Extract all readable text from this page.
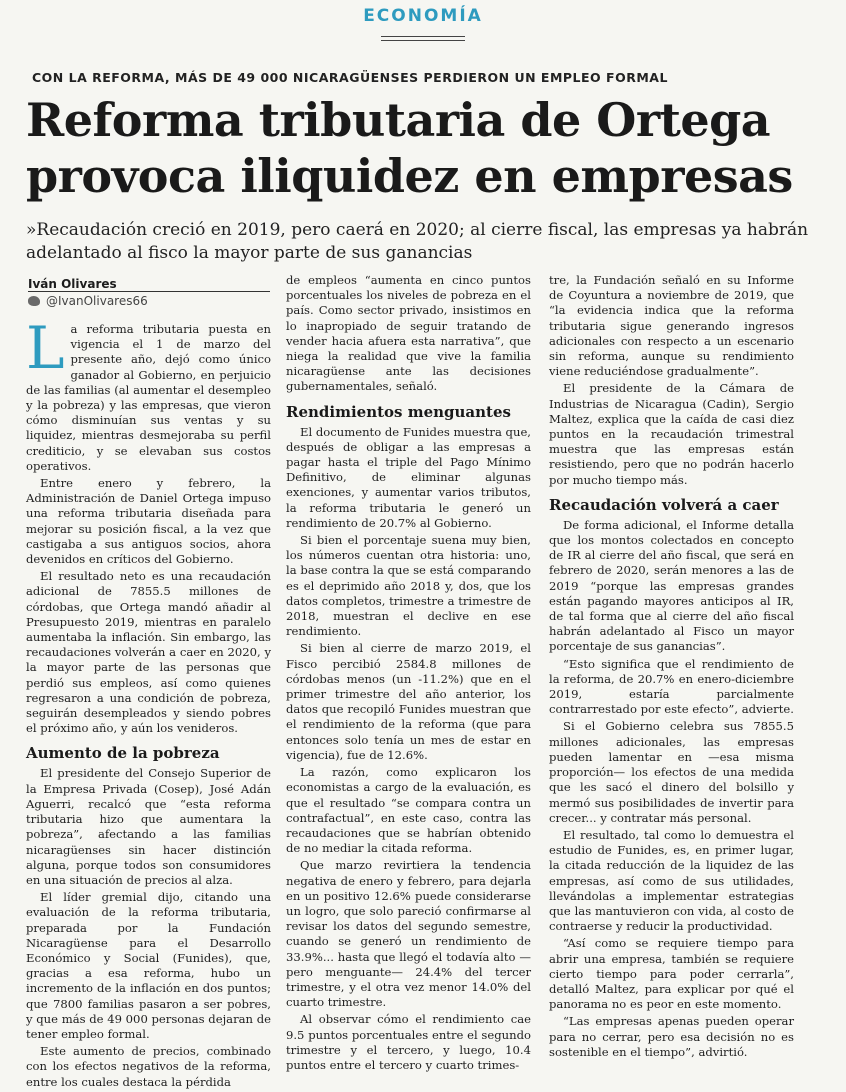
ECONOMÍA
CON LA REFORMA, MÁS DE 49 000 NICARAGÜENSES PERDIERON UN EMPLEO FORMAL
Reforma tributaria de Ortega provoca iliquidez en empresas

»Recaudación creció en 2019, pero caerá en 2020; al cierre fiscal, las empresas ya habrán adelantado al fisco la mayor parte de sus ganancias

Iván Olivares
@IvanOlivares66

La reforma tributaria puesta en vigencia el 1 de marzo del presente año, dejó como único ganador al Gobierno, en perjuicio de las familias (al aumentar el desempleo y la pobreza) y las empresas, que vieron cómo disminuían sus ventas y su liquidez, mientras desmejoraba su perfil crediticio, y se elevaban sus costos operativos.

Entre enero y febrero, la Administración de Daniel Ortega impuso una reforma tributaria diseñada para mejorar su posición fiscal, a la vez que castigaba a sus antiguos socios, ahora devenidos en críticos del Gobierno.

El resultado neto es una recaudación adicional de 7855.5 millones de córdobas, que Ortega mandó añadir al Presupuesto 2019, mientras en paralelo aumentaba la inflación. Sin embargo, las recaudaciones volverán a caer en 2020, y la mayor parte de las personas que perdió sus empleos, así como quienes regresaron a una condición de pobreza, seguirán desempleados y siendo pobres el próximo año, y aún los venideros.

Aumento de la pobreza

El presidente del Consejo Superior de la Empresa Privada (Cosep), José Adán Aguerri, recalcó que “esta reforma tributaria hizo que aumentara la pobreza”, afectando a las familias nicaragüenses sin hacer distinción alguna, porque todos son consumidores en una situación de precios al alza.

El líder gremial dijo, citando una evaluación de la reforma tributaria, preparada por la Fundación Nicaragüense para el Desarrollo Económico y Social (Funides), que, gracias a esa reforma, hubo un incremento de la inflación en dos puntos; que 7800 familias pasaron a ser pobres, y que más de 49 000 personas dejaran de tener empleo formal.

Este aumento de precios, combinado con los efectos negativos de la reforma, entre los cuales destaca la pérdida

de empleos “aumenta en cinco puntos porcentuales los niveles de pobreza en el país. Como sector privado, insistimos en lo inapropiado de seguir tratando de vender hacia afuera esta narrativa”, que niega la realidad que vive la familia nicaragüense ante las decisiones gubernamentales, señaló.

Rendimientos menguantes

El documento de Funides muestra que, después de obligar a las empresas a pagar hasta el triple del Pago Mínimo Definitivo, de eliminar algunas exenciones, y aumentar varios tributos, la reforma tributaria le generó un rendimiento de 20.7% al Gobierno.

Si bien el porcentaje suena muy bien, los números cuentan otra historia: uno, la base contra la que se está comparando es el deprimido año 2018 y, dos, que los datos completos, trimestre a trimestre de 2018, muestran el declive en ese rendimiento.

Si bien al cierre de marzo 2019, el Fisco percibió 2584.8 millones de córdobas menos (un -11.2%) que en el primer trimestre del año anterior, los datos que recopiló Funides muestran que el rendimiento de la reforma (que para entonces solo tenía un mes de estar en vigencia), fue de 12.6%.

La razón, como explicaron los economistas a cargo de la evaluación, es que el resultado “se compara contra un contrafactual”, en este caso, contra las recaudaciones que se habrían obtenido de no mediar la citada reforma.

Que marzo revirtiera la tendencia negativa de enero y febrero, para dejarla en un positivo 12.6% puede considerarse un logro, que solo pareció confirmarse al revisar los datos del segundo semestre, cuando se generó un rendimiento de 33.9%... hasta que llegó el todavía alto —pero menguante— 24.4% del tercer trimestre, y el otra vez menor 14.0% del cuarto trimestre.

Al observar cómo el rendimiento cae 9.5 puntos porcentuales entre el segundo trimestre y el tercero, y luego, 10.4 puntos entre el tercero y cuarto trimes-

tre, la Fundación señaló en su Informe de Coyuntura a noviembre de 2019, que “la evidencia indica que la reforma tributaria sigue generando ingresos adicionales con respecto a un escenario sin reforma, aunque su rendimiento viene reduciéndose gradualmente”.

El presidente de la Cámara de Industrias de Nicaragua (Cadin), Sergio Maltez, explica que la caída de casi diez puntos en la recaudación trimestral muestra que las empresas están resistiendo, pero que no podrán hacerlo por mucho tiempo más.

Recaudación volverá a caer

De forma adicional, el Informe detalla que los montos colectados en concepto de IR al cierre del año fiscal, que será en febrero de 2020, serán menores a las de 2019 “porque las empresas grandes están pagando mayores anticipos al IR, de tal forma que al cierre del año fiscal habrán adelantado al Fisco un mayor porcentaje de sus ganancias”.

“Esto significa que el rendimiento de la reforma, de 20.7% en enero-diciembre 2019, estaría parcialmente contrarrestado por este efecto”, advierte.

Si el Gobierno celebra sus 7855.5 millones adicionales, las empresas pueden lamentar en —esa misma proporción— los efectos de una medida que les sacó el dinero del bolsillo y mermó sus posibilidades de invertir para crecer... y contratar más personal.

El resultado, tal como lo demuestra el estudio de Funides, es, en primer lugar, la citada reducción de la liquidez de las empresas, así como de sus utilidades, llevándolas a implementar estrategias que las mantuvieron con vida, al costo de contraerse y reducir la productividad.

“Así como se requiere tiempo para abrir una empresa, también se requiere cierto tiempo para poder cerrarla”, detalló Maltez, para explicar por qué el panorama no es peor en este momento.

“Las empresas apenas pueden operar para no cerrar, pero esa decisión no es sostenible en el tiempo”, advirtió.
